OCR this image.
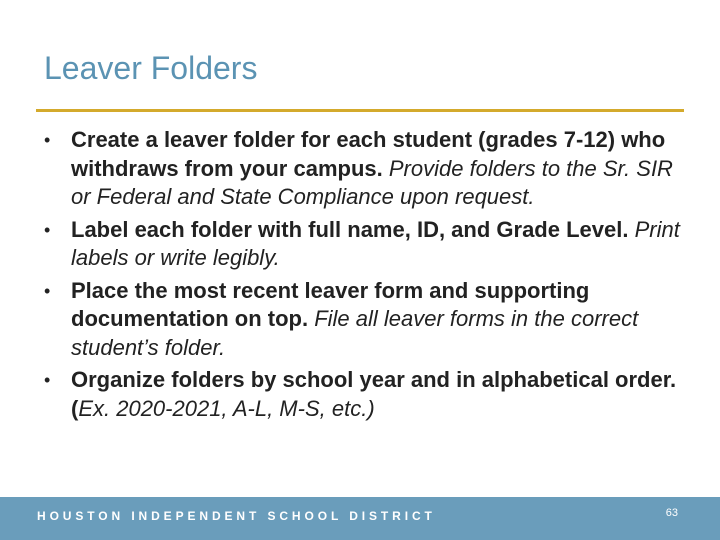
Leaver Folders
• Create a leaver folder for each student (grades 7-12) who withdraws from your campus. Provide folders to the Sr. SIR or Federal and State Compliance upon request.
• Label each folder with full name, ID, and Grade Level. Print labels or write legibly.
• Place the most recent leaver form and supporting documentation on top. File all leaver forms in the correct student’s folder.
• Organize folders by school year and in alphabetical order. (Ex. 2020-2021, A-L, M-S, etc.)
HOUSTON INDEPENDENT SCHOOL DISTRICT	63
